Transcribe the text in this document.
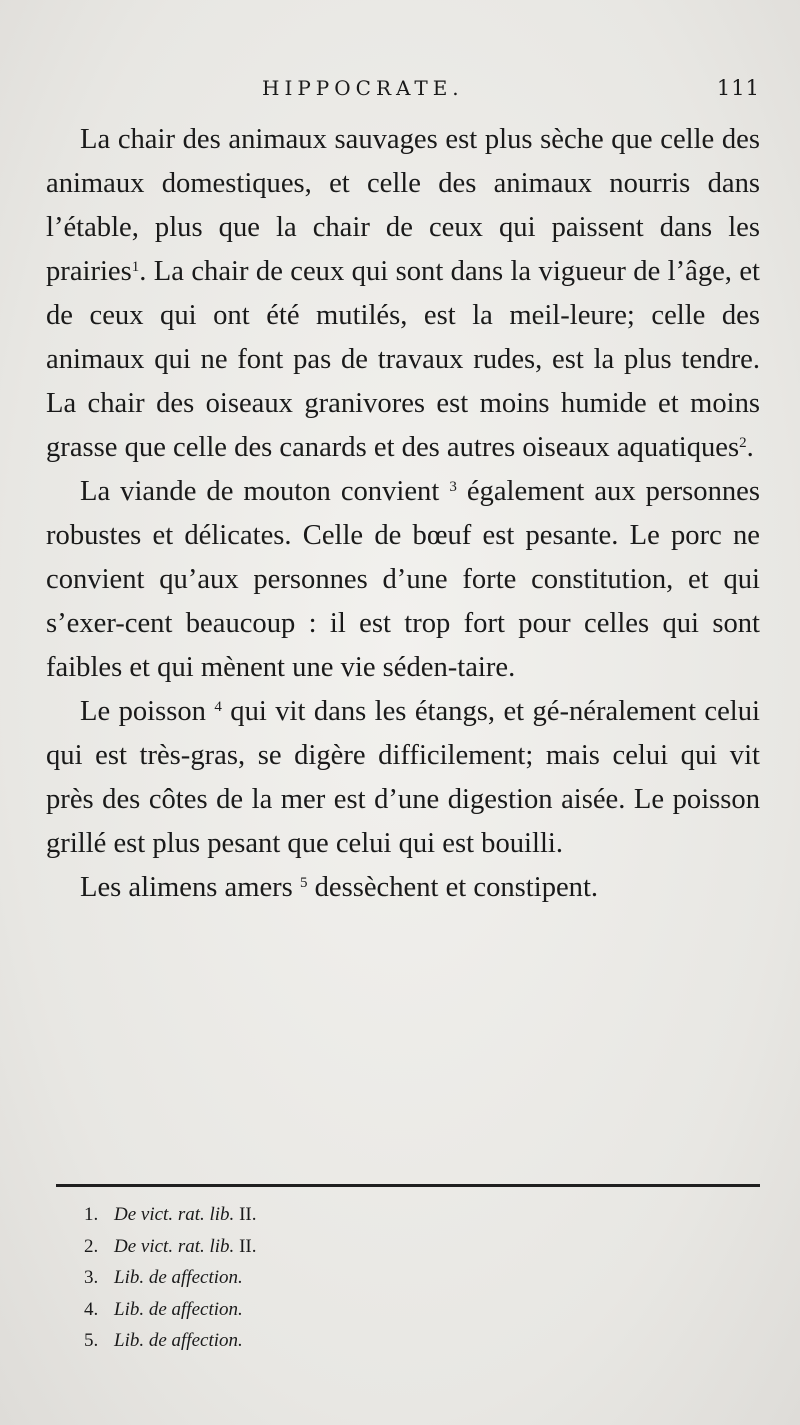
HIPPOCRATE.	111

La chair des animaux sauvages est plus sèche que celle des animaux domestiques, et celle des animaux nourris dans l’étable, plus que la chair de ceux qui paissent dans les prairies$^1$. La chair de ceux qui sont dans la vigueur de l’âge, et de ceux qui ont été mutilés, est la meil-leure; celle des animaux qui ne font pas de travaux rudes, est la plus tendre. La chair des oiseaux granivores est moins humide et moins grasse que celle des canards et des autres oiseaux aquatiques$^2$.

La viande de mouton convient $^3$ également aux personnes robustes et délicates. Celle de bœuf est pesante. Le porc ne convient qu’aux personnes d’une forte constitution, et qui s’exer-cent beaucoup : il est trop fort pour celles qui sont faibles et qui mènent une vie séden-taire.

Le poisson $^4$ qui vit dans les étangs, et gé-néralement celui qui est très-gras, se digère difficilement; mais celui qui vit près des côtes de la mer est d’une digestion aisée. Le poisson grillé est plus pesant que celui qui est bouilli.

Les alimens amers $^5$ dessèchent et constipent.

1. De vict. rat. lib. II.
2. De vict. rat. lib. II.
3. Lib. de affection.
4. Lib. de affection.
5. Lib. de affection.
